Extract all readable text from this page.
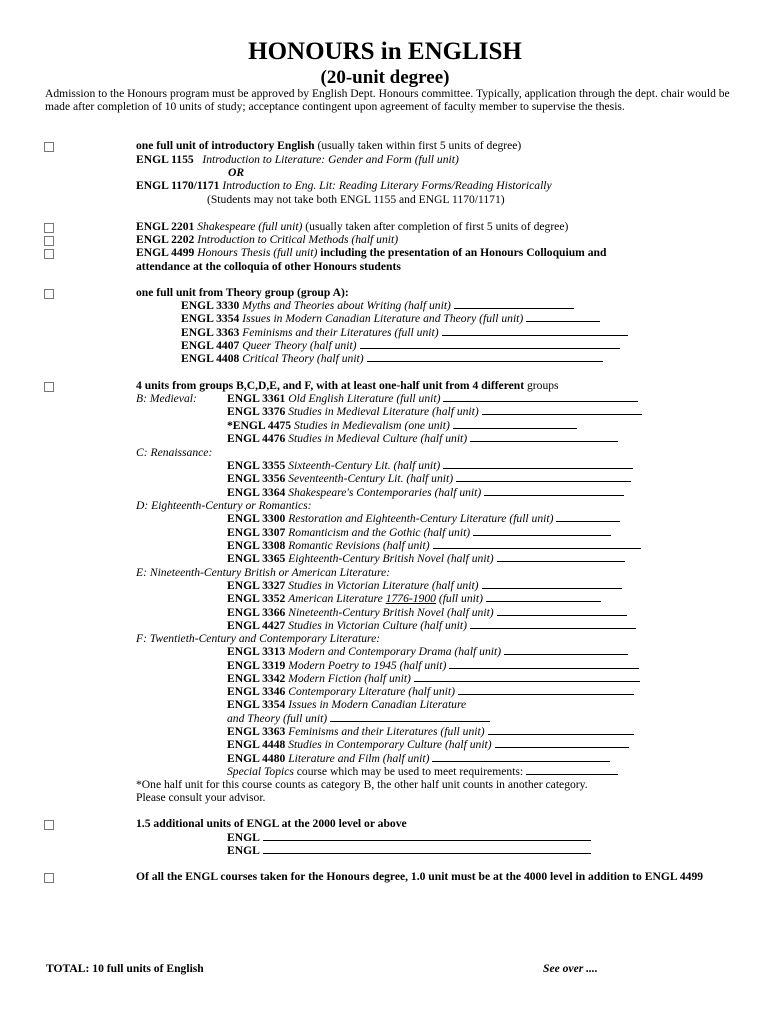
HONOURS in ENGLISH
(20-unit degree)
Admission to the Honours program must be approved by English Dept. Honours committee. Typically, application through the dept. chair would be made after completion of 10 units of study; acceptance contingent upon agreement of faculty member to supervise the thesis.
one full unit of introductory English (usually taken within first 5 units of degree)
ENGL 1155 Introduction to Literature: Gender and Form (full unit)
OR
ENGL 1170/1171 Introduction to Eng. Lit: Reading Literary Forms/Reading Historically
(Students may not take both ENGL 1155 and ENGL 1170/1171)
ENGL 2201 Shakespeare (full unit) (usually taken after completion of first 5 units of degree)
ENGL 2202 Introduction to Critical Methods (half unit)
ENGL 4499 Honours Thesis (full unit) including the presentation of an Honours Colloquium and
attendance at the colloquia of other Honours students
one full unit from Theory group (group A):
ENGL 3330 Myths and Theories about Writing (half unit)
ENGL 3354 Issues in Modern Canadian Literature and Theory (full unit)
ENGL 3363 Feminisms and their Literatures (full unit)
ENGL 4407 Queer Theory (half unit)
ENGL 4408 Critical Theory (half unit)
4 units from groups B,C,D,E, and F, with at least one-half unit from 4 different groups
B: Medieval:	ENGL 3361 Old English Literature (full unit)
ENGL 3376 Studies in Medieval Literature (half unit)
*ENGL 4475 Studies in Medievalism (one unit)
ENGL 4476 Studies in Medieval Culture (half unit)
C: Renaissance:
ENGL 3355 Sixteenth-Century Lit. (half unit)
ENGL 3356 Seventeenth-Century Lit. (half unit)
ENGL 3364 Shakespeare's Contemporaries (half unit)
D: Eighteenth-Century or Romantics:
ENGL 3300 Restoration and Eighteenth-Century Literature (full unit)
ENGL 3307 Romanticism and the Gothic (half unit)
ENGL 3308 Romantic Revisions (half unit)
ENGL 3365 Eighteenth-Century British Novel (half unit)
E: Nineteenth-Century British or American Literature:
ENGL 3327 Studies in Victorian Literature (half unit)
ENGL 3352 American Literature 1776-1900 (full unit)
ENGL 3366 Nineteenth-Century British Novel (half unit)
ENGL 4427 Studies in Victorian Culture (half unit)
F: Twentieth-Century and Contemporary Literature:
ENGL 3313 Modern and Contemporary Drama (half unit)
ENGL 3319 Modern Poetry to 1945 (half unit)
ENGL 3342 Modern Fiction (half unit)
ENGL 3346 Contemporary Literature (half unit)
ENGL 3354 Issues in Modern Canadian Literature
and Theory (full unit)
ENGL 3363 Feminisms and their Literatures (full unit)
ENGL 4448 Studies in Contemporary Culture (half unit)
ENGL 4480 Literature and Film (half unit)
Special Topics course which may be used to meet requirements:
*One half unit for this course counts as category B, the other half unit counts in another category.
Please consult your advisor.
1.5 additional units of ENGL at the 2000 level or above
ENGL
ENGL
Of all the ENGL courses taken for the Honours degree, 1.0 unit must be at the 4000 level in addition to ENGL 4499
TOTAL: 10 full units of English	See over ....
